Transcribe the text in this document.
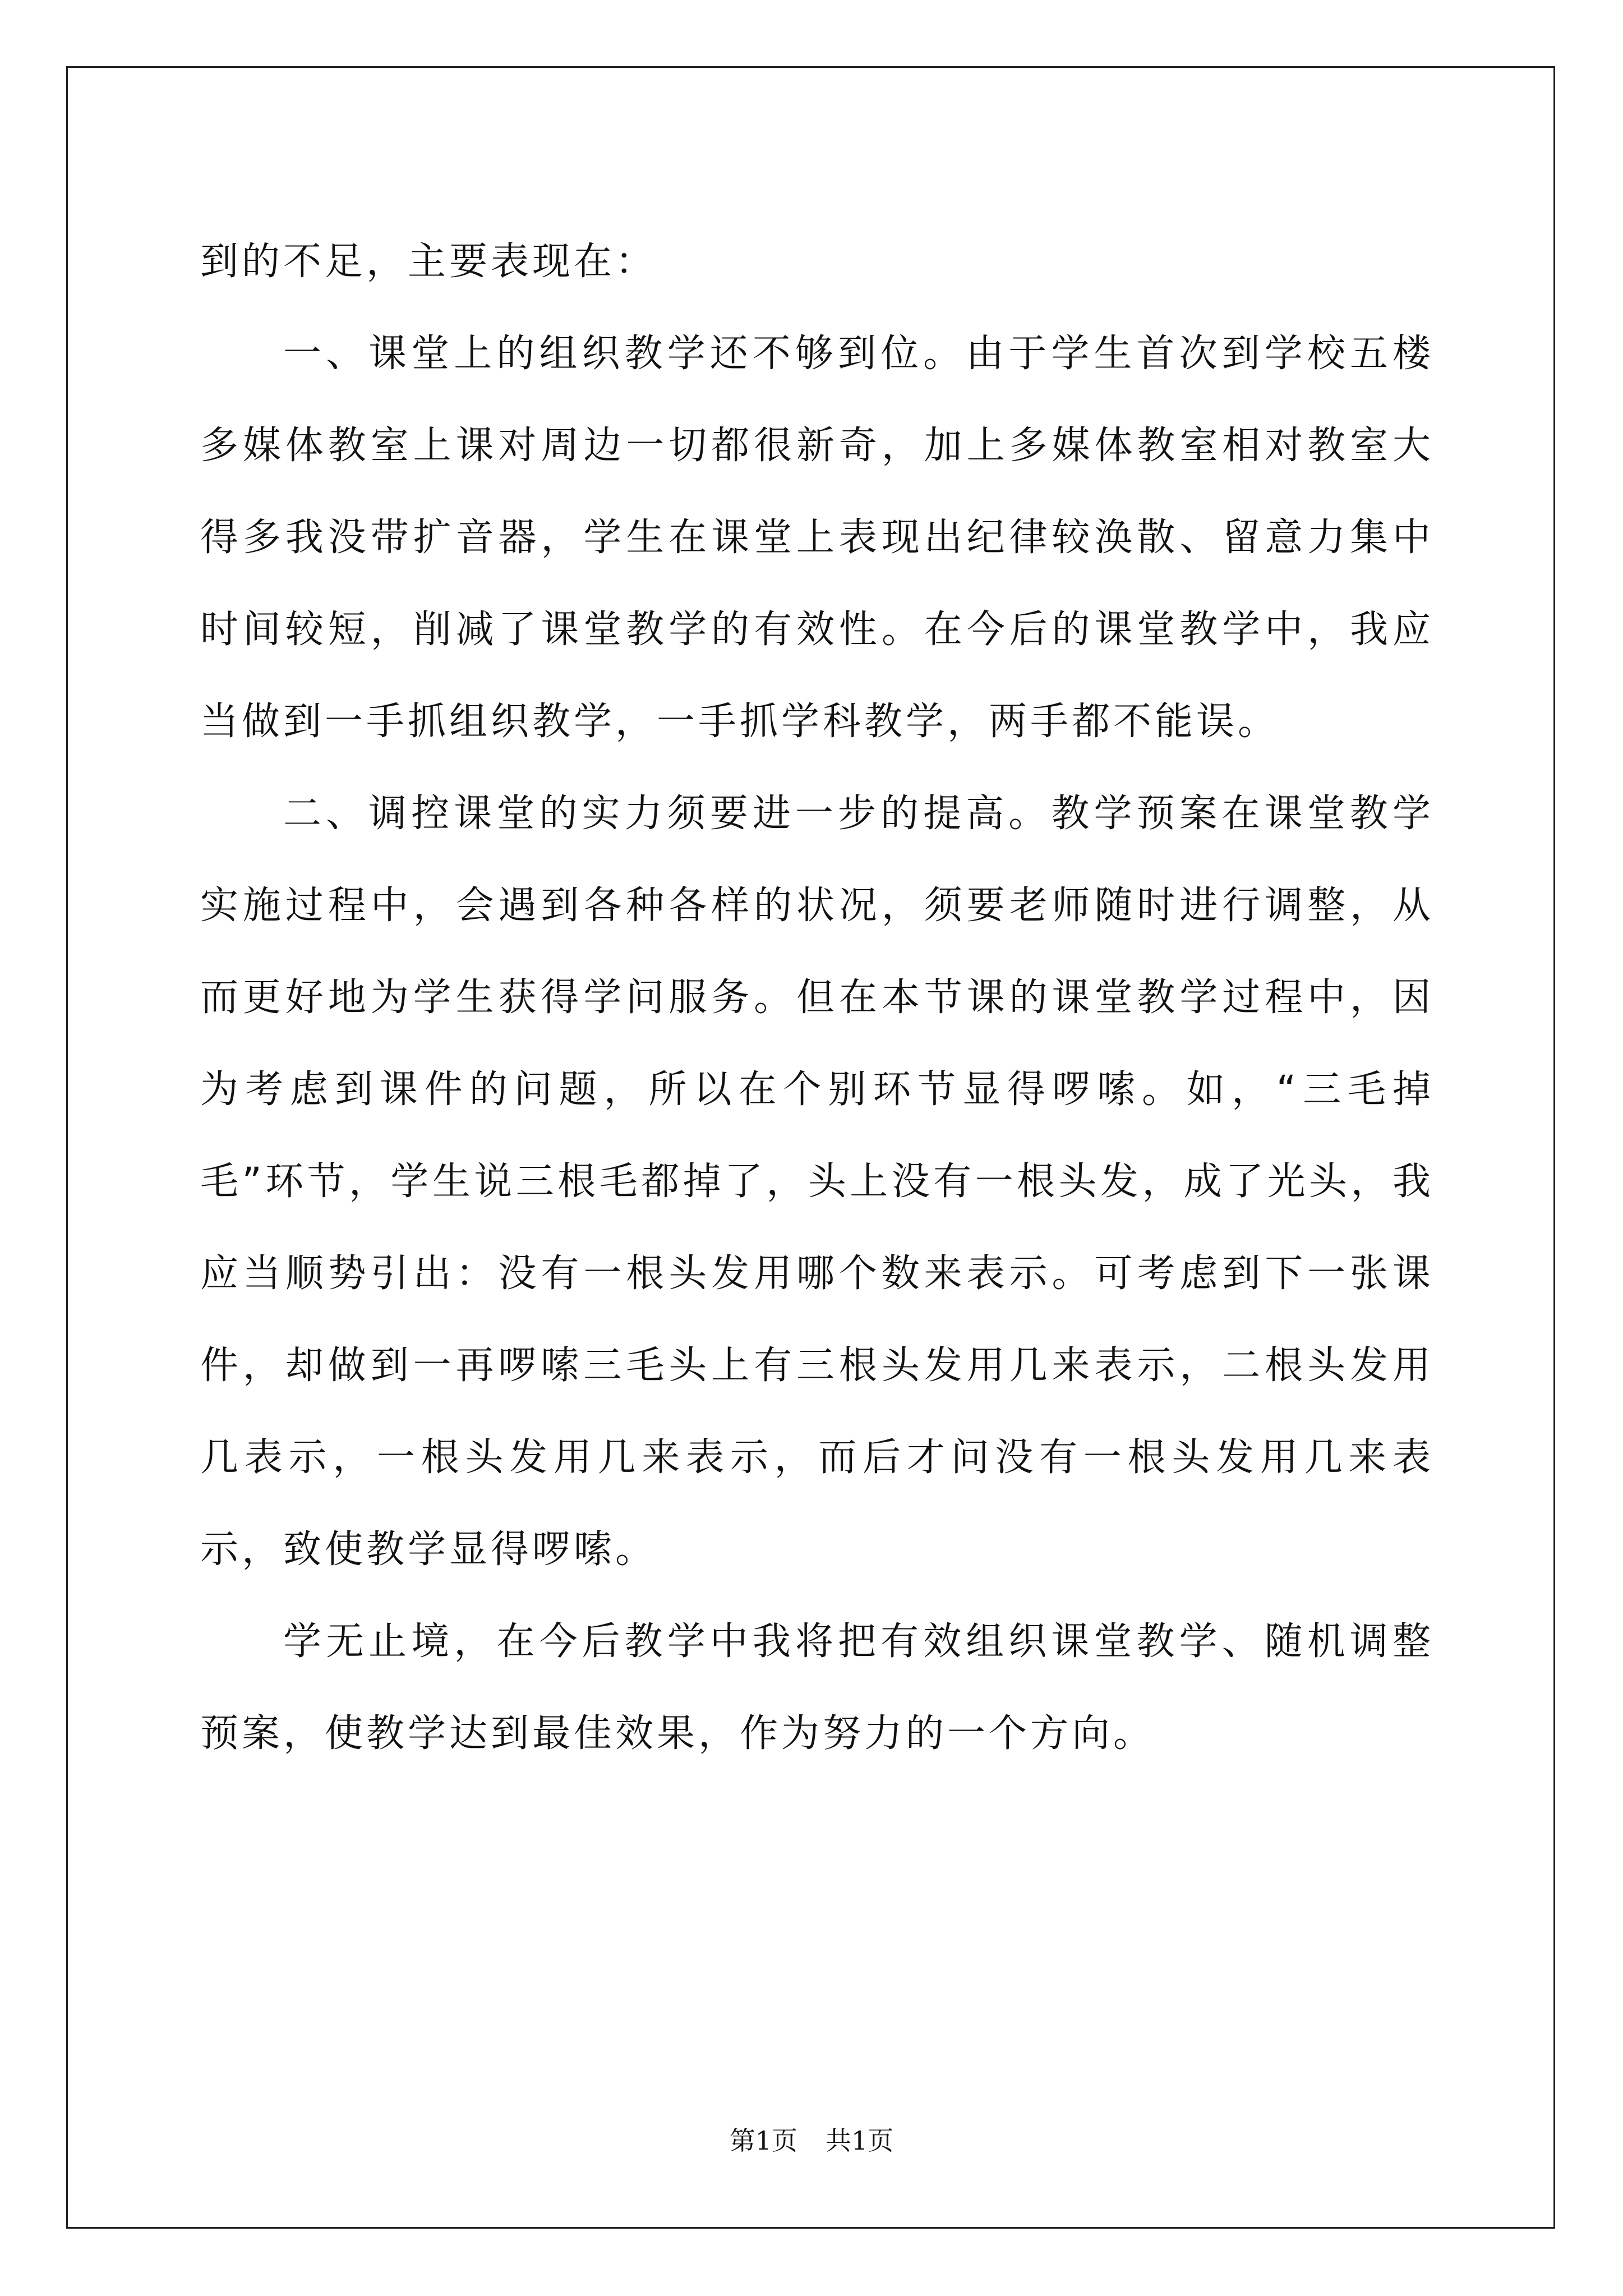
到的不足，主要表现在：

一、课堂上的组织教学还不够到位。由于学生首次到学校五楼多媒体教室上课对周边一切都很新奇，加上多媒体教室相对教室大得多我没带扩音器，学生在课堂上表现出纪律较涣散、留意力集中时间较短，削减了课堂教学的有效性。在今后的课堂教学中，我应当做到一手抓组织教学，一手抓学科教学，两手都不能误。

二、调控课堂的实力须要进一步的提高。教学预案在课堂教学实施过程中，会遇到各种各样的状况，须要老师随时进行调整，从而更好地为学生获得学问服务。但在本节课的课堂教学过程中，因为考虑到课件的问题，所以在个别环节显得啰嗦。如，“三毛掉毛”环节，学生说三根毛都掉了，头上没有一根头发，成了光头，我应当顺势引出：没有一根头发用哪个数来表示。可考虑到下一张课件，却做到一再啰嗦三毛头上有三根头发用几来表示，二根头发用几表示，一根头发用几来表示，而后才问没有一根头发用几来表示，致使教学显得啰嗦。

学无止境，在今后教学中我将把有效组织课堂教学、随机调整预案，使教学达到最佳效果，作为努力的一个方向。

第1页 共1页
